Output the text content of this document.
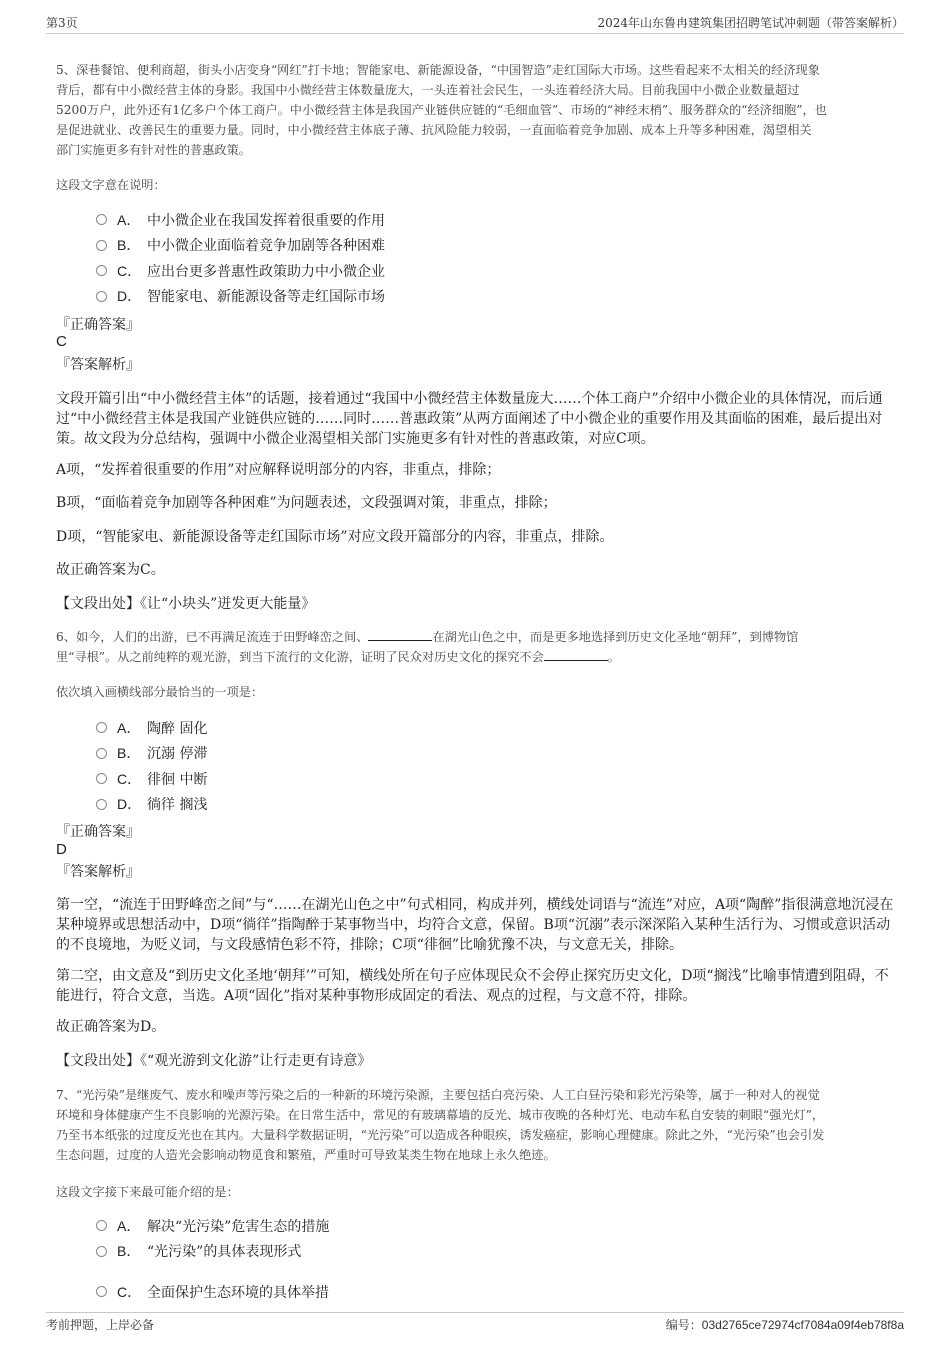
第3页	2024年山东鲁冉建筑集团招聘笔试冲刺题（带答案解析）
5、深巷餐馆、便利商超，街头小店变身“网红”打卡地；智能家电、新能源设备，“中国智造”走红国际大市场。这些看起来不太相关的经济现象
背后，都有中小微经营主体的身影。我国中小微经营主体数量庞大，一头连着社会民生，一头连着经济大局。目前我国中小微企业数量超过
5200万户，此外还有1亿多户个体工商户。中小微经营主体是我国产业链供应链的“毛细血管”、市场的“神经末梢”、服务群众的“经济细胞”，也
是促进就业、改善民生的重要力量。同时，中小微经营主体底子薄、抗风险能力较弱，一直面临着竞争加剧、成本上升等多种困难，渴望相关
部门实施更多有针对性的普惠政策。
这段文字意在说明：
A． 中小微企业在我国发挥着很重要的作用
B． 中小微企业面临着竞争加剧等各种困难
C． 应出台更多普惠性政策助力中小微企业
D． 智能家电、新能源设备等走红国际市场
『正确答案』
C
『答案解析』
文段开篇引出“中小微经营主体”的话题，接着通过“我国中小微经营主体数量庞大……个体工商户”介绍中小微企业的具体情况，而后通过“中小微经营主体是我国产业链供应链的……同时……普惠政策”从两方面阐述了中小微企业的重要作用及其面临的困难，最后提出对策。故文段为分总结构，强调中小微企业渴望相关部门实施更多有针对性的普惠政策，对应C项。
A项，“发挥着很重要的作用”对应解释说明部分的内容，非重点，排除；
B项，“面临着竞争加剧等各种困难”为问题表述，文段强调对策，非重点，排除；
D项，“智能家电、新能源设备等走红国际市场”对应文段开篇部分的内容，非重点，排除。
故正确答案为C。
【文段出处】《让“小块头”迸发更大能量》
6、如今，人们的出游，已不再满足流连于田野峰峦之间、	在湖光山色之中，而是更多地选择到历史文化圣地“朝拜”，到博物馆
里“寻根”。从之前纯粹的观光游，到当下流行的文化游，证明了民众对历史文化的探究不会	。
依次填入画横线部分最恰当的一项是：
A． 陶醉 固化
B． 沉溺 停滞
C． 徘徊 中断
D． 徜徉 搁浅
『正确答案』
D
『答案解析』
第一空，“流连于田野峰峦之间”与“……在湖光山色之中”句式相同，构成并列，横线处词语与“流连”对应，A项“陶醉”指很满意地沉浸在某种境界或思想活动中，D项“徜徉”指陶醉于某事物当中，均符合文意，保留。B项“沉溺”表示深深陷入某种生活行为、习惯或意识活动的不良境地，为贬义词，与文段感情色彩不符，排除；C项“徘徊”比喻犹豫不决，与文意无关，排除。
第二空，由文意及“到历史文化圣地‘朝拜’”可知，横线处所在句子应体现民众不会停止探究历史文化，D项“搁浅”比喻事情遭到阻碍，不能进行，符合文意，当选。A项“固化”指对某种事物形成固定的看法、观点的过程，与文意不符，排除。
故正确答案为D。
【文段出处】《“观光游到文化游”让行走更有诗意》
7、“光污染”是继废气、废水和噪声等污染之后的一种新的环境污染源，主要包括白亮污染、人工白昼污染和彩光污染等，属于一种对人的视觉
环境和身体健康产生不良影响的光源污染。在日常生活中，常见的有玻璃幕墙的反光、城市夜晚的各种灯光、电动车私自安装的刺眼“强光灯”，
乃至书本纸张的过度反光也在其内。大量科学数据证明，“光污染”可以造成各种眼疾，诱发癌症，影响心理健康。除此之外，“光污染”也会引发
生态问题，过度的人造光会影响动物觅食和繁殖，严重时可导致某类生物在地球上永久绝迹。
这段文字接下来最可能介绍的是：
A． 解决“光污染”危害生态的措施
B． “光污染”的具体表现形式
C． 全面保护生态环境的具体举措
考前押题，上岸必备	编号：03d2765ce72974cf7084a09f4eb78f8a
